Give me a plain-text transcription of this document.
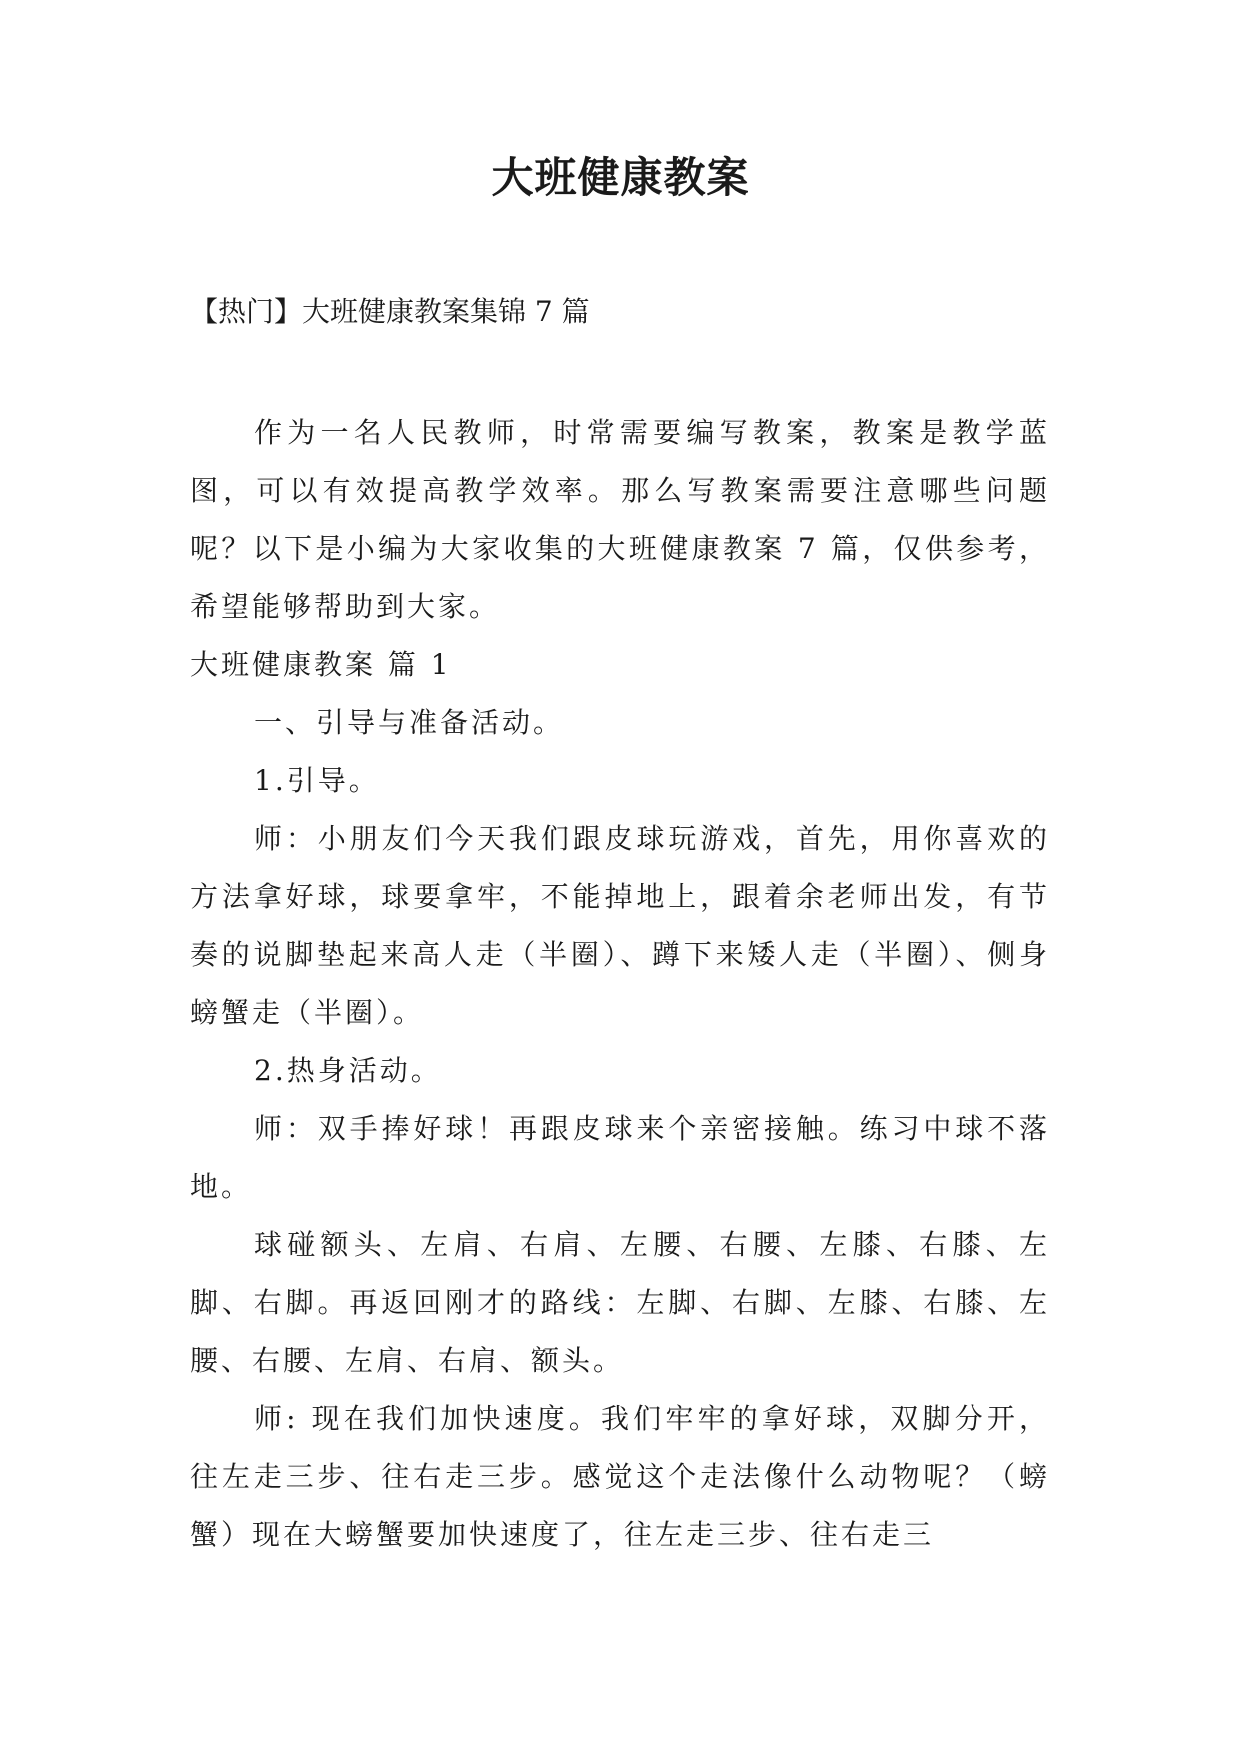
大班健康教案

【热门】大班健康教案集锦 7 篇

作为一名人民教师，时常需要编写教案，教案是教学蓝图，可以有效提高教学效率。那么写教案需要注意哪些问题呢？以下是小编为大家收集的大班健康教案 7 篇，仅供参考，希望能够帮助到大家。

大班健康教案 篇 1

一、引导与准备活动。

1.引导。

师：小朋友们今天我们跟皮球玩游戏，首先，用你喜欢的方法拿好球，球要拿牢，不能掉地上，跟着余老师出发，有节奏的说脚垫起来高人走（半圈）、蹲下来矮人走（半圈）、侧身螃蟹走（半圈）。

2.热身活动。

师：双手捧好球！再跟皮球来个亲密接触。练习中球不落地。

球碰额头、左肩、右肩、左腰、右腰、左膝、右膝、左脚、右脚。再返回刚才的路线：左脚、右脚、左膝、右膝、左腰、右腰、左肩、右肩、额头。

师: 现在我们加快速度。我们牢牢的拿好球，双脚分开，往左走三步、往右走三步。感觉这个走法像什么动物呢？（螃蟹）现在大螃蟹要加快速度了，往左走三步、往右走三
